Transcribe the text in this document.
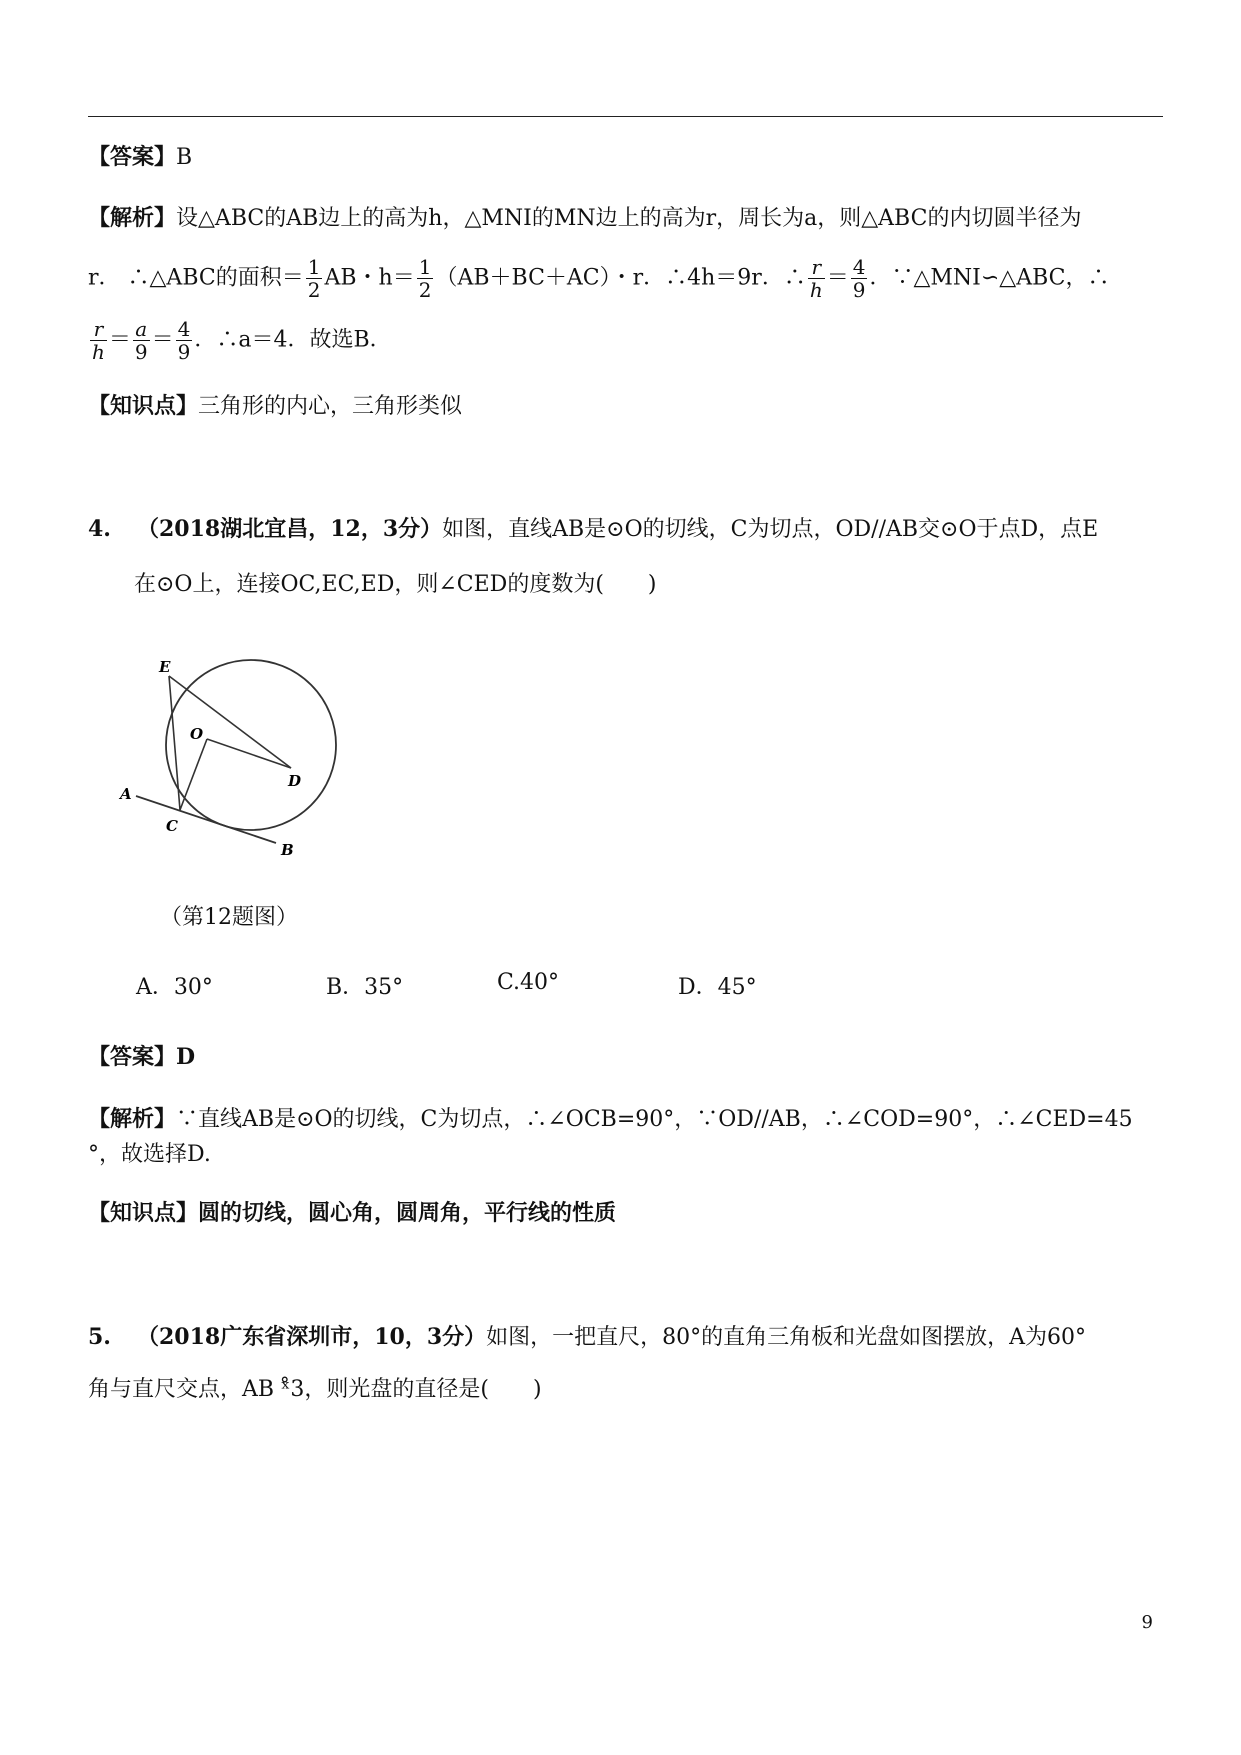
【答案】B
【解析】设△ABC的AB边上的高为h，△MNI的MN边上的高为r，周长为a，则△ABC的内切圆半径为
r． ∴△ABC的面积＝ $\frac{1}{2}$ AB・$h= \frac{1}{2} (AB+BC+AC)$・r．∴4h＝9r．∴ $\frac{r}{h} = \frac{4}{9}$ ．∵△MNI∽△ABC，∴
$\frac{r}{h} = \frac{a}{9} = \frac{4}{9}$ ．∴a＝4．故选B．
【知识点】三角形的内心，三角形类似
4. （2018湖北宜昌，12，3分）如图，直线AB是⊙O的切线，C为切点，OD//AB交⊙O于点D，点E
在⊙O上，连接OC,EC,ED，则∠CED的度数为(　　)
E
O
D
A
C
B
（第12题图）
A．30°	B．35°	C.40°	D．45°
【答案】D
【解析】∵直线AB是⊙O的切线，C为切点，∴∠OCB=90°，∵OD//AB，∴∠COD=90°，∴∠CED=45
°，故选择D.
【知识点】圆的切线，圆心角，圆周角，平行线的性质
5. （2018广东省深圳市，10，3分）如图，一把直尺，80°的直角三角板和光盘如图摆放，A为60°
角与直尺交点，AB ˣ̊3，则光盘的直径是(　　)
9
